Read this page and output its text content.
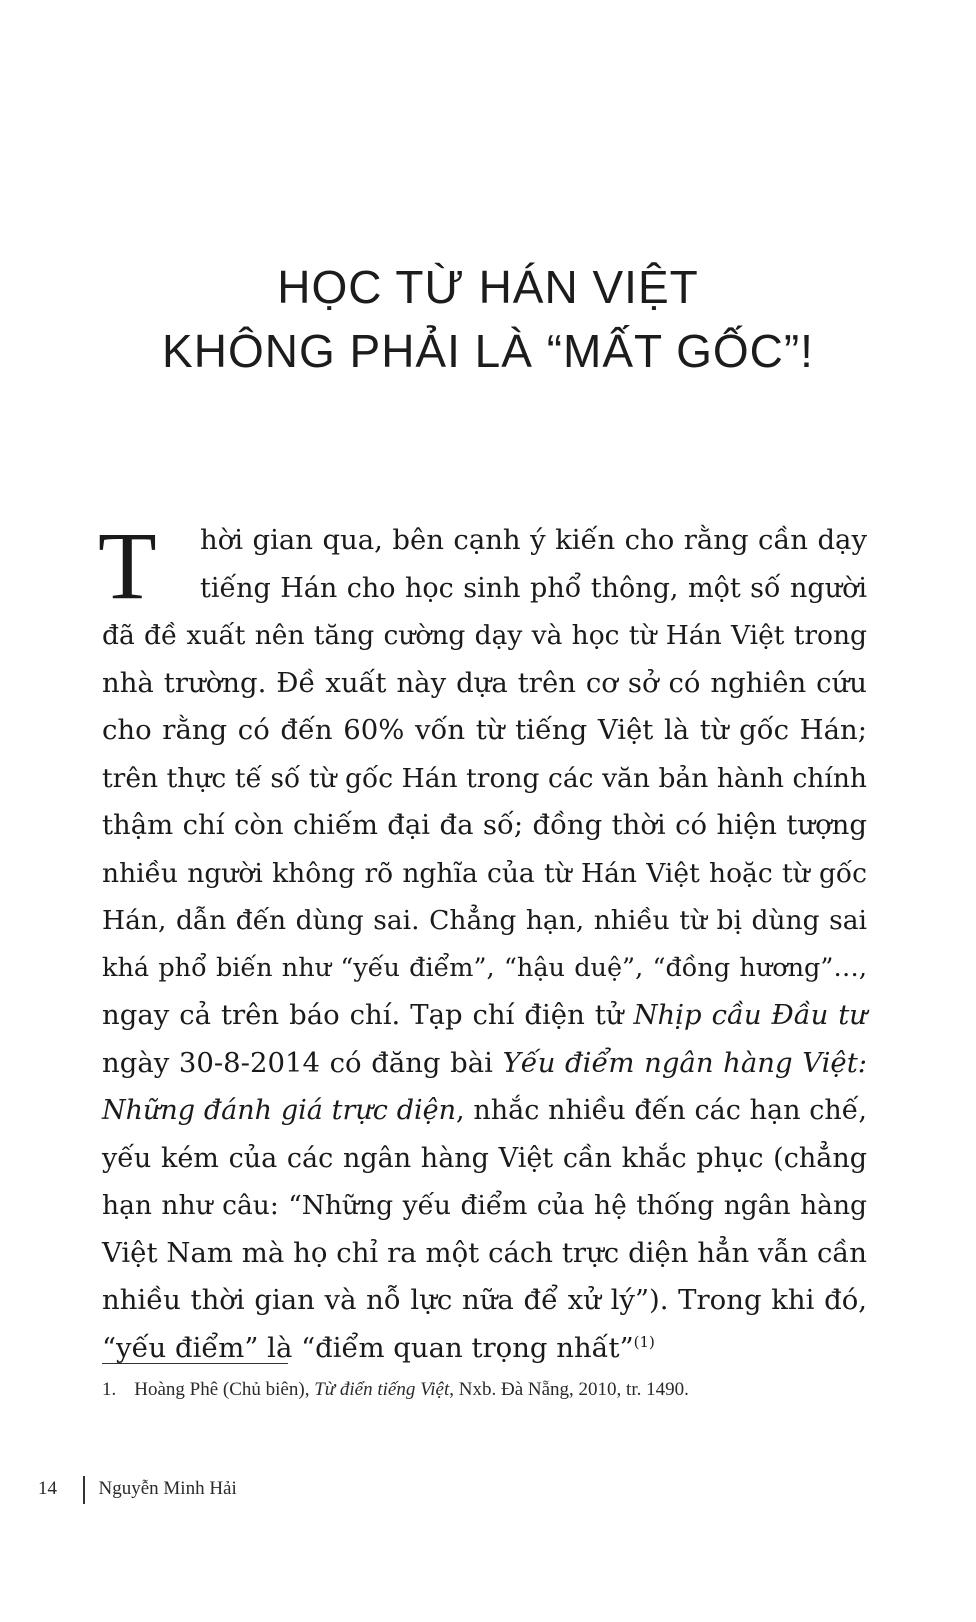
HỌC TỪ HÁN VIỆT
KHÔNG PHẢI LÀ “MẤT GỐC”!
T	hời gian qua, bên cạnh ý kiến cho rằng cần dạy
tiếng Hán cho học sinh phổ thông, một số người
đã đề xuất nên tăng cường dạy và học từ Hán Việt trong
nhà trường. Đề xuất này dựa trên cơ sở có nghiên cứu
cho rằng có đến 60% vốn từ tiếng Việt là từ gốc Hán;
trên thực tế số từ gốc Hán trong các văn bản hành chính
thậm chí còn chiếm đại đa số; đồng thời có hiện tượng
nhiều người không rõ nghĩa của từ Hán Việt hoặc từ gốc
Hán, dẫn đến dùng sai. Chẳng hạn, nhiều từ bị dùng sai
khá phổ biến như “yếu điểm”, “hậu duệ”, “đồng hương”…,
ngay cả trên báo chí. Tạp chí điện tử Nhịp cầu Đầu tư
ngày 30-8-2014 có đăng bài Yếu điểm ngân hàng Việt:
Những đánh giá trực diện, nhắc nhiều đến các hạn chế,
yếu kém của các ngân hàng Việt cần khắc phục (chẳng
hạn như câu: “Những yếu điểm của hệ thống ngân hàng
Việt Nam mà họ chỉ ra một cách trực diện hẳn vẫn cần
nhiều thời gian và nỗ lực nữa để xử lý”). Trong khi đó,
“yếu điểm” là “điểm quan trọng nhất”$^{(1)}$
1. Hoàng Phê (Chủ biên), Từ điển tiếng Việt, Nxb. Đà Nẵng, 2010, tr. 1490.
14 Nguyễn Minh Hải
